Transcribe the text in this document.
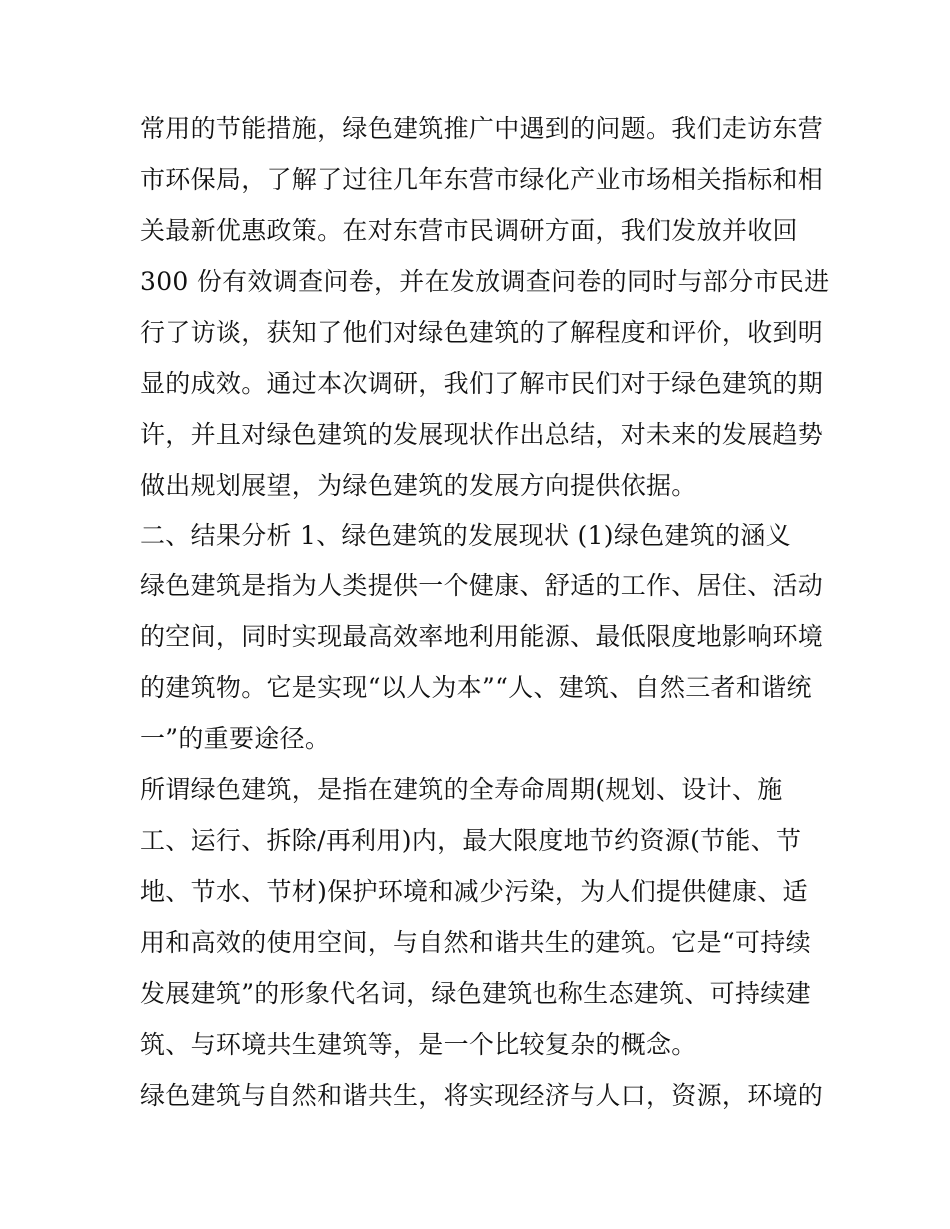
常用的节能措施，绿色建筑推广中遇到的问题。我们走访东营
市环保局，了解了过往几年东营市绿化产业市场相关指标和相
关最新优惠政策。在对东营市民调研方面，我们发放并收回
300 份有效调查问卷，并在发放调查问卷的同时与部分市民进
行了访谈，获知了他们对绿色建筑的了解程度和评价，收到明
显的成效。通过本次调研，我们了解市民们对于绿色建筑的期
许，并且对绿色建筑的发展现状作出总结，对未来的发展趋势
做出规划展望，为绿色建筑的发展方向提供依据。
二、结果分析 1、绿色建筑的发展现状 (1)绿色建筑的涵义
绿色建筑是指为人类提供一个健康、舒适的工作、居住、活动
的空间，同时实现最高效率地利用能源、最低限度地影响环境
的建筑物。它是实现“以人为本”“人、建筑、自然三者和谐统
一”的重要途径。
所谓绿色建筑，是指在建筑的全寿命周期(规划、设计、施
工、运行、拆除/再利用)内，最大限度地节约资源(节能、节
地、节水、节材)保护环境和减少污染，为人们提供健康、适
用和高效的使用空间，与自然和谐共生的建筑。它是“可持续
发展建筑”的形象代名词，绿色建筑也称生态建筑、可持续建
筑、与环境共生建筑等，是一个比较复杂的概念。
绿色建筑与自然和谐共生，将实现经济与人口，资源，环境的
